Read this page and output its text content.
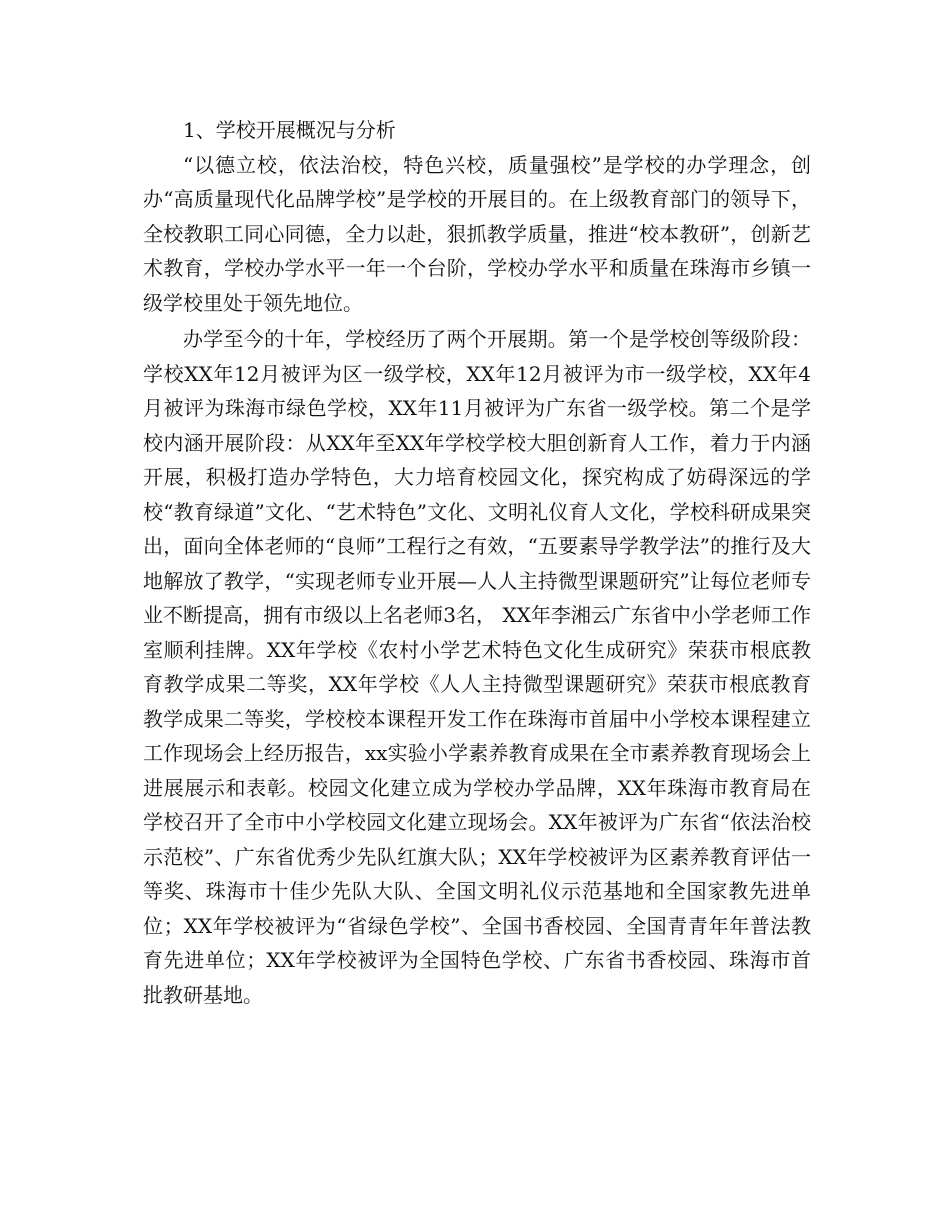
1、学校开展概况与分析

“以德立校，依法治校，特色兴校，质量强校”是学校的办学理念，创办“高质量现代化品牌学校”是学校的开展目的。在上级教育部门的领导下，全校教职工同心同德，全力以赴，狠抓教学质量，推进“校本教研”，创新艺术教育，学校办学水平一年一个台阶，学校办学水平和质量在珠海市乡镇一级学校里处于领先地位。

办学至今的十年，学校经历了两个开展期。第一个是学校创等级阶段：学校XX年12月被评为区一级学校，XX年12月被评为市一级学校，XX年4月被评为珠海市绿色学校，XX年11月被评为广东省一级学校。第二个是学校内涵开展阶段：从XX年至XX年学校学校大胆创新育人工作，着力于内涵开展，积极打造办学特色，大力培育校园文化，探究构成了妨碍深远的学校“教育绿道”文化、“艺术特色”文化、文明礼仪育人文化，学校科研成果突出，面向全体老师的“良师”工程行之有效，“五要素导学教学法”的推行及大地解放了教学，“实现老师专业开展—人人主持微型课题研究”让每位老师专业不断提高，拥有市级以上名老师3名， XX年李湘云广东省中小学老师工作室顺利挂牌。XX年学校《农村小学艺术特色文化生成研究》荣获市根底教育教学成果二等奖，XX年学校《人人主持微型课题研究》荣获市根底教育教学成果二等奖，学校校本课程开发工作在珠海市首届中小学校本课程建立工作现场会上经历报告，xx实验小学素养教育成果在全市素养教育现场会上进展展示和表彰。校园文化建立成为学校办学品牌，XX年珠海市教育局在学校召开了全市中小学校园文化建立现场会。XX年被评为广东省“依法治校示范校”、广东省优秀少先队红旗大队；XX年学校被评为区素养教育评估一等奖、珠海市十佳少先队大队、全国文明礼仪示范基地和全国家教先进单位；XX年学校被评为“省绿色学校”、全国书香校园、全国青青年年普法教育先进单位；XX年学校被评为全国特色学校、广东省书香校园、珠海市首批教研基地。
